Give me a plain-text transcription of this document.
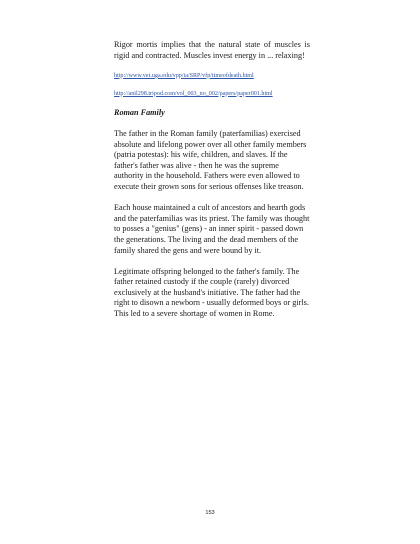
Rigor mortis implies that the natural state of muscles is rigid and contracted. Muscles invest energy in ... relaxing!

http://www.vet.uga.edu/vpp/ia/SRP/vfp/timeofdeath.html
http://anil298.tripod.com/vol_003_no_002/papers/paper001.html

Roman Family

The father in the Roman family (paterfamilias) exercised absolute and lifelong power over all other family members (patria potestas): his wife, children, and slaves. If the father's father was alive - then he was the supreme authority in the household. Fathers were even allowed to execute their grown sons for serious offenses like treason.

Each house maintained a cult of ancestors and hearth gods and the paterfamilias was its priest. The family was thought to posses a "genius" (gens) - an inner spirit - passed down the generations. The living and the dead members of the family shared the gens and were bound by it.

Legitimate offspring belonged to the father's family. The father retained custody if the couple (rarely) divorced exclusively at the husband's initiative. The father had the right to disown a newborn - usually deformed boys or girls. This led to a severe shortage of women in Rome.

153
